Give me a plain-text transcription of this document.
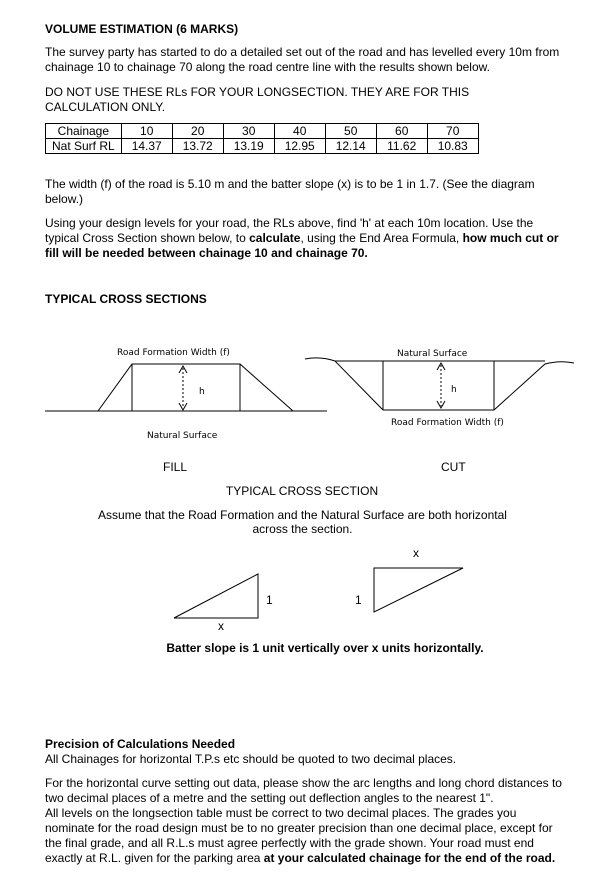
VOLUME ESTIMATION (6 MARKS)
The survey party has started to do a detailed set out of the road and has levelled every 10m from chainage 10 to chainage 70 along the road centre line with the results shown below.
DO NOT USE THESE RLs FOR YOUR LONGSECTION. THEY ARE FOR THIS CALCULATION ONLY.
Chainage	10	20	30	40	50	60	70
Nat Surf RL	14.37	13.72	13.19	12.95	12.14	11.62	10.83
The width (f) of the road is 5.10 m and the batter slope (x) is to be 1 in 1.7. (See the diagram below.)
Using your design levels for your road, the RLs above, find 'h' at each 10m location. Use the typical Cross Section shown below, to calculate, using the End Area Formula, how much cut or fill will be needed between chainage 10 and chainage 70.
TYPICAL CROSS SECTIONS
Road Formation Width (f)
h
Natural Surface
Natural Surface
h
Road Formation Width (f)
FILL	CUT
TYPICAL CROSS SECTION
1
x
1
x
Assume that the Road Formation and the Natural Surface are both horizontal across the section.
Batter slope is 1 unit vertically over x units horizontally.
Precision of Calculations Needed
All Chainages for horizontal T.P.s etc should be quoted to two decimal places.
For the horizontal curve setting out data, please show the arc lengths and long chord distances to two decimal places of a metre and the setting out deflection angles to the nearest 1".
All levels on the longsection table must be correct to two decimal places. The grades you nominate for the road design must be to no greater precision than one decimal place, except for the final grade, and all R.L.s must agree perfectly with the grade shown. Your road must end exactly at R.L. given for the parking area at your calculated chainage for the end of the road.
